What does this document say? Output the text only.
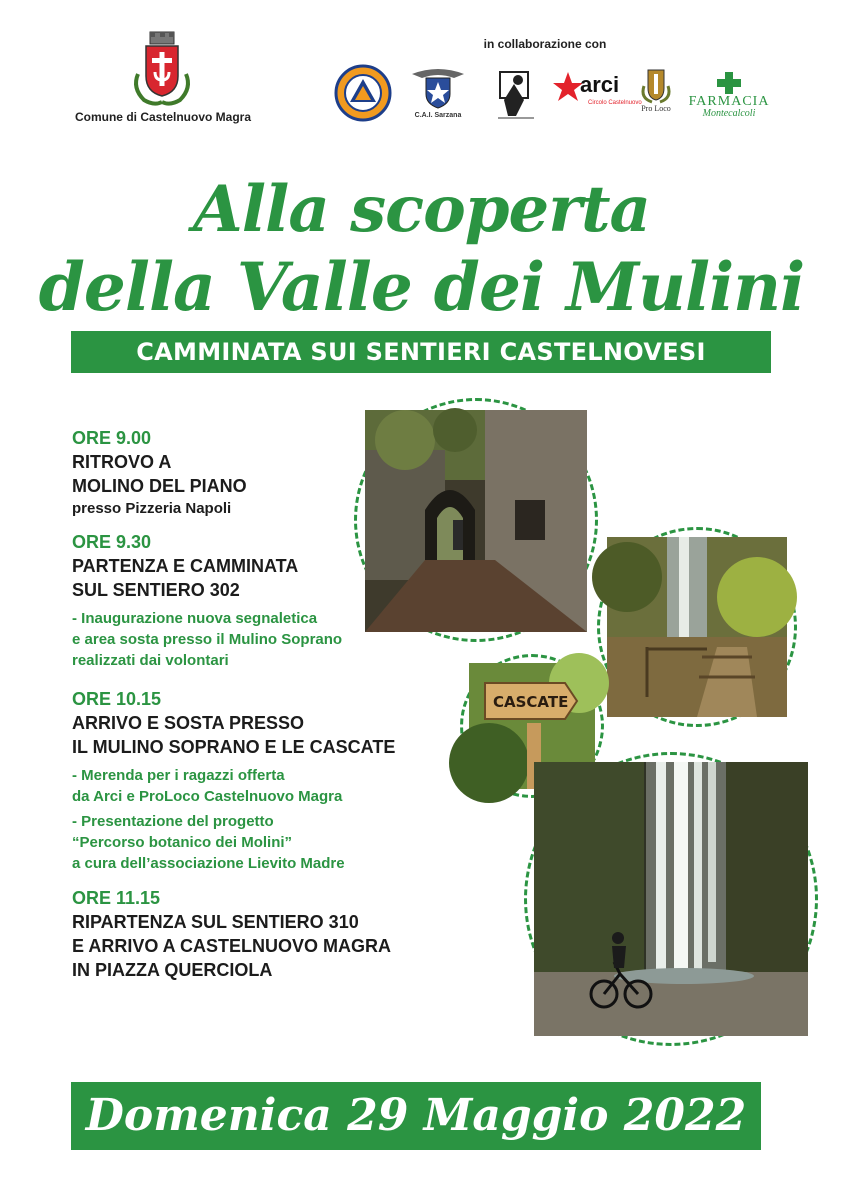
Comune di Castelnuovo Magra
in collaborazione con
C.A.I. Sarzana
arci
Circolo Castelnuovo
Pro Loco	FARMACIA
Montecalcoli
Alla scoperta
della Valle dei Mulini
CAMMINATA SUI SENTIERI CASTELNOVESI
ORE 9.00
RITROVO A
MOLINO DEL PIANO
presso Pizzeria Napoli
ORE 9.30
PARTENZA E CAMMINATA
SUL SENTIERO 302
- Inaugurazione nuova segnaletica
e area sosta presso il Mulino Soprano
realizzati dai volontari
ORE 10.15
ARRIVO E SOSTA PRESSO
IL MULINO SOPRANO E LE CASCATE
- Merenda per i ragazzi offerta
da Arci e ProLoco Castelnuovo Magra
- Presentazione del progetto
“Percorso botanico dei Molini”
a cura dell’associazione Lievito Madre
ORE 11.15
RIPARTENZA SUL SENTIERO 310
E ARRIVO A CASTELNUOVO MAGRA
IN PIAZZA QUERCIOLA
CASCATE
Domenica 29 Maggio 2022
